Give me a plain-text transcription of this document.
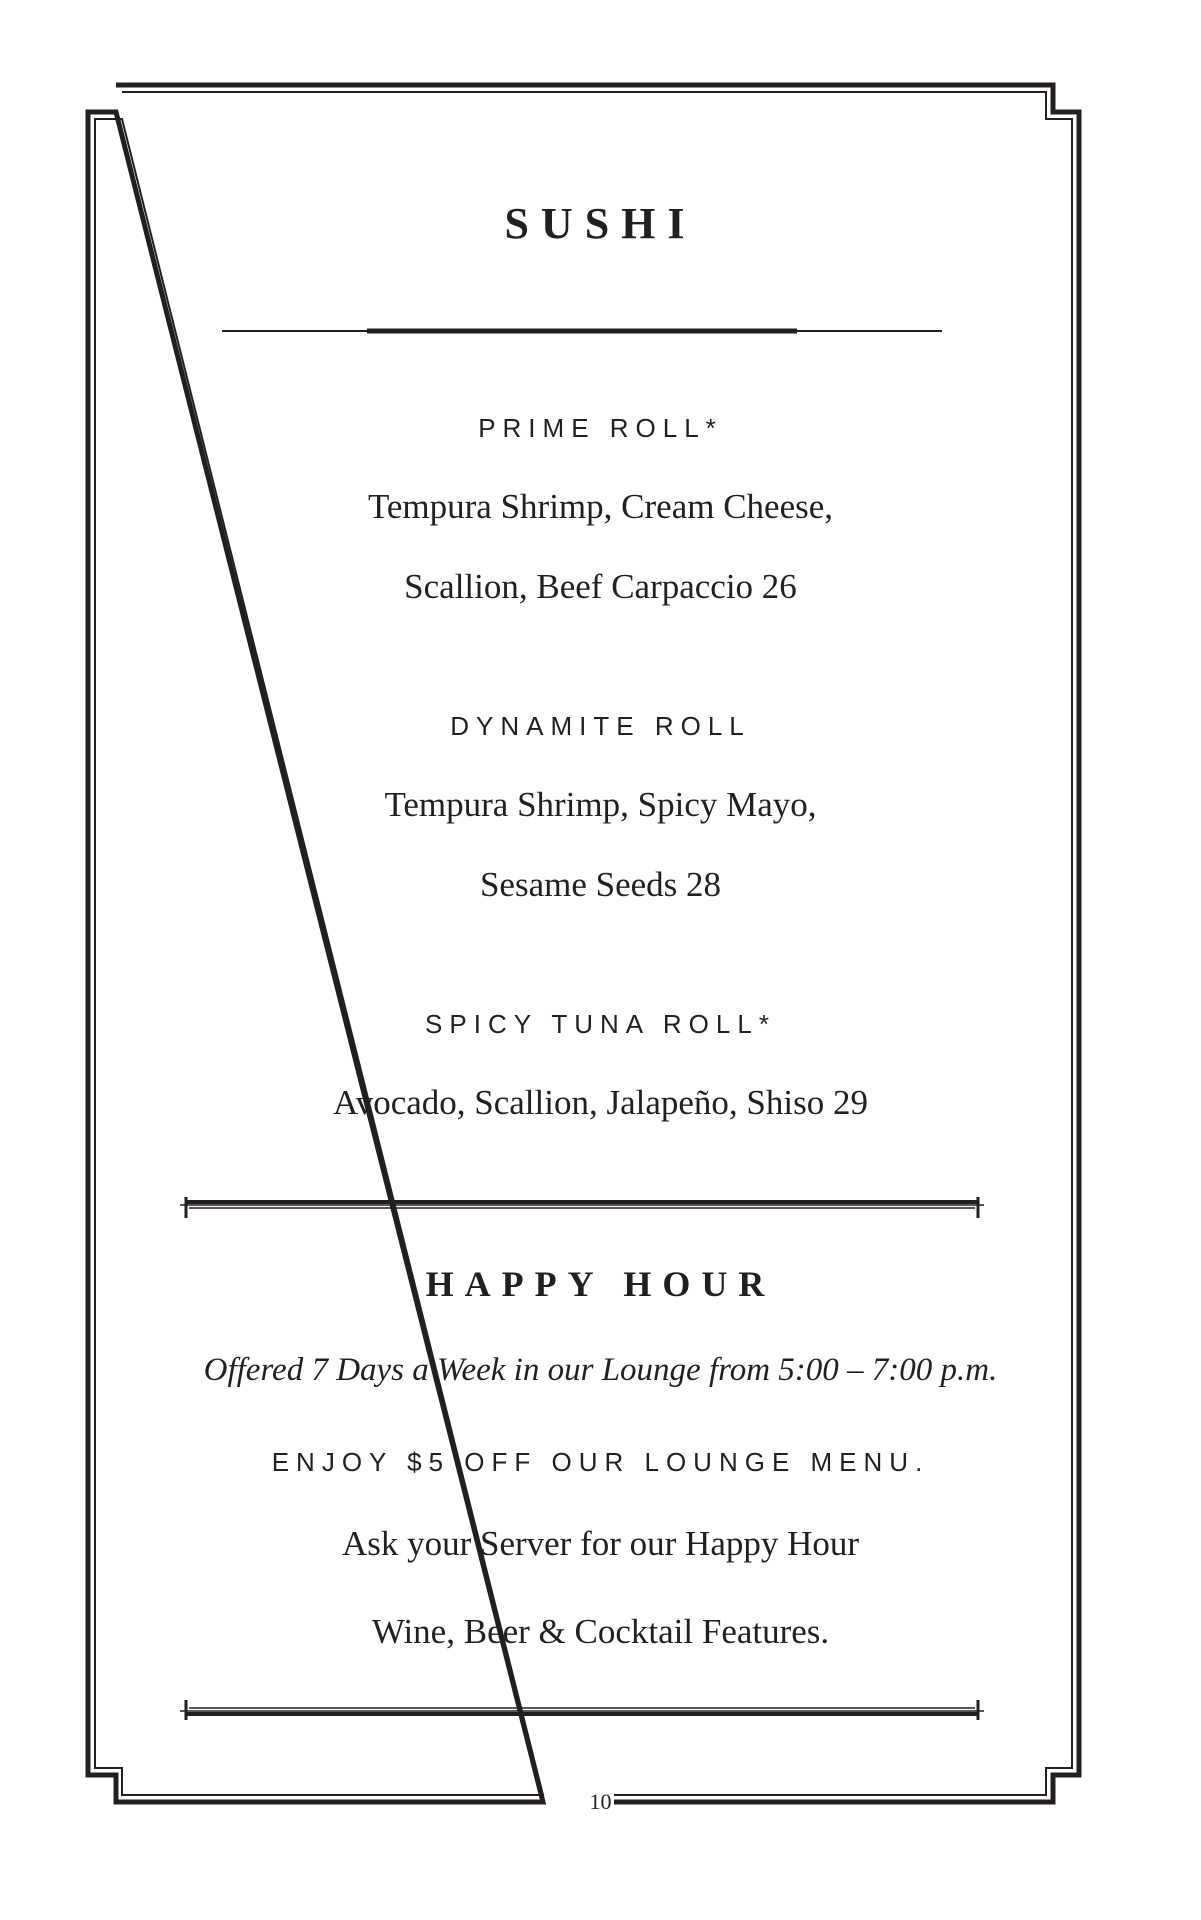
SUSHI
PRIME ROLL*
Tempura Shrimp, Cream Cheese,
Scallion, Beef Carpaccio 26
DYNAMITE ROLL
Tempura Shrimp, Spicy Mayo,
Sesame Seeds 28
SPICY TUNA ROLL*
Avocado, Scallion, Jalapeño, Shiso 29
HAPPY HOUR
Offered 7 Days a Week in our Lounge from 5:00 – 7:00 p.m.
ENJOY $5 OFF OUR LOUNGE MENU.
Ask your Server for our Happy Hour
Wine, Beer & Cocktail Features.
10
